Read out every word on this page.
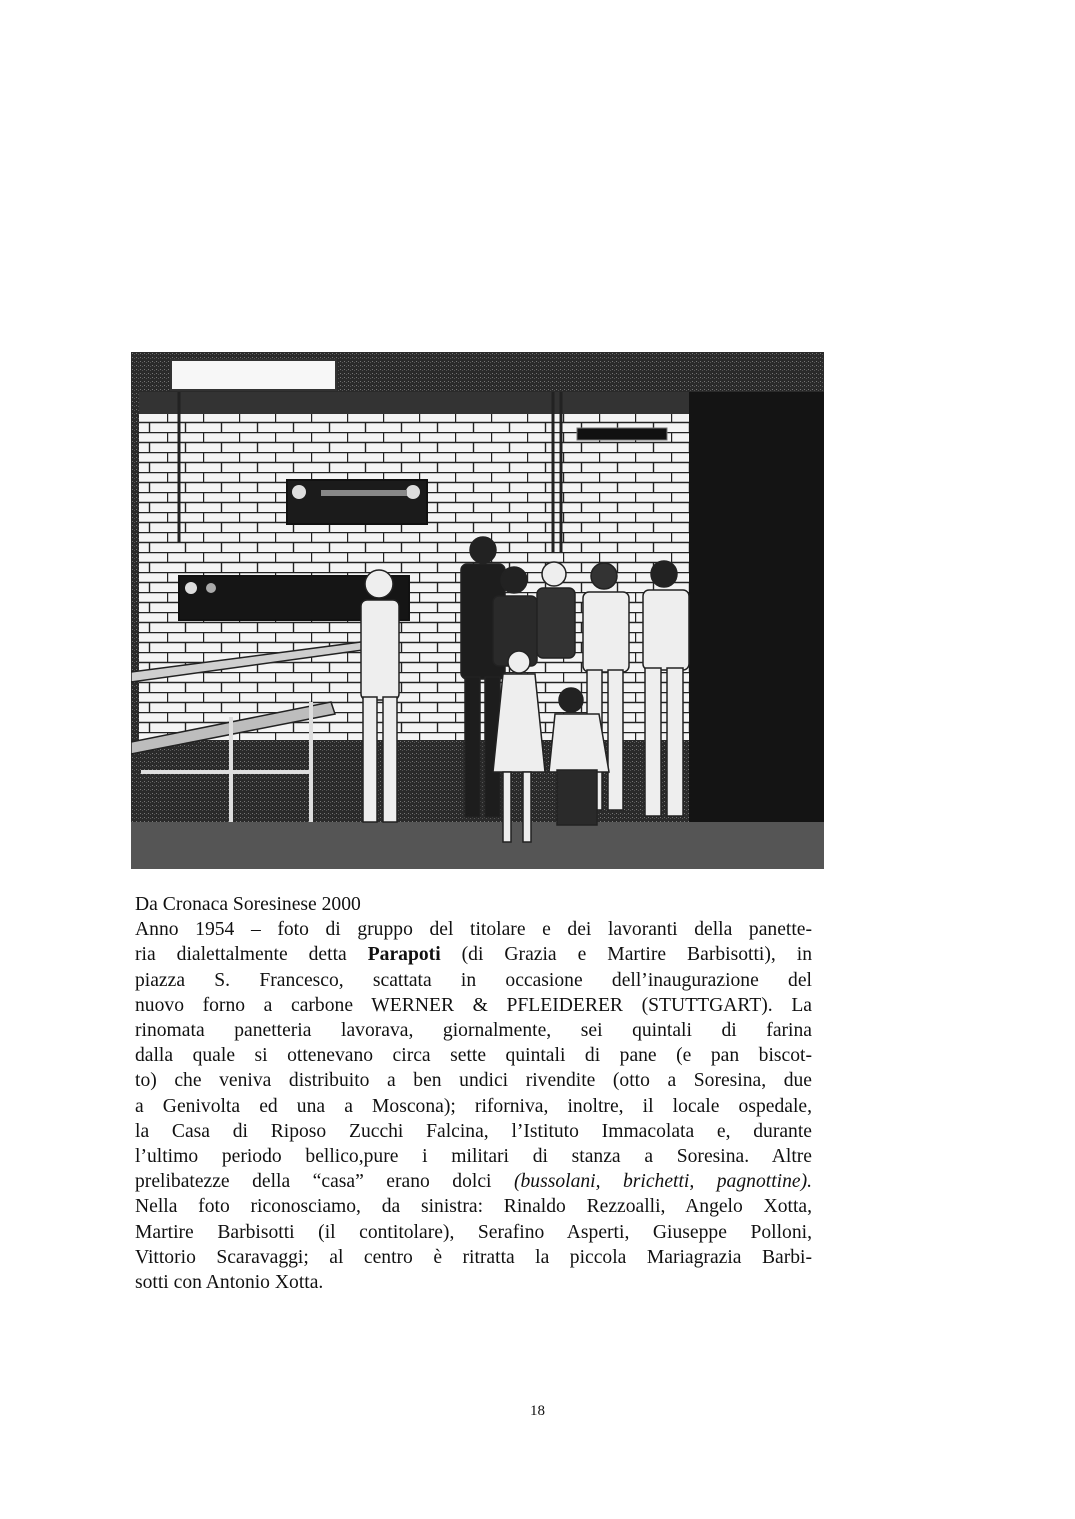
Da Cronaca Soresinese 2000
Anno 1954 – foto di gruppo del titolare e dei lavoranti della panette-
ria dialettalmente detta Parapoti (di Grazia e Martire Barbisotti), in
piazza S. Francesco, scattata in occasione dell’inaugurazione del
nuovo forno a carbone WERNER & PFLEIDERER (STUTTGART). La
rinomata panetteria lavorava, giornalmente, sei quintali di farina
dalla quale si ottenevano circa sette quintali di pane (e pan biscot-
to) che veniva distribuito a ben undici rivendite (otto a Soresina, due
a Genivolta ed una a Moscona); riforniva, inoltre, il locale ospedale,
la Casa di Riposo Zucchi Falcina, l’Istituto Immacolata e, durante
l’ultimo periodo bellico,pure i militari di stanza a Soresina. Altre
prelibatezze della “casa” erano dolci (bussolani, brichetti, pagnottine).
Nella foto riconosciamo, da sinistra: Rinaldo Rezzoalli, Angelo Xotta,
Martire Barbisotti (il contitolare), Serafino Asperti, Giuseppe Polloni,
Vittorio Scaravaggi; al centro è ritratta la piccola Mariagrazia Barbi-
sotti con Antonio Xotta.
18
